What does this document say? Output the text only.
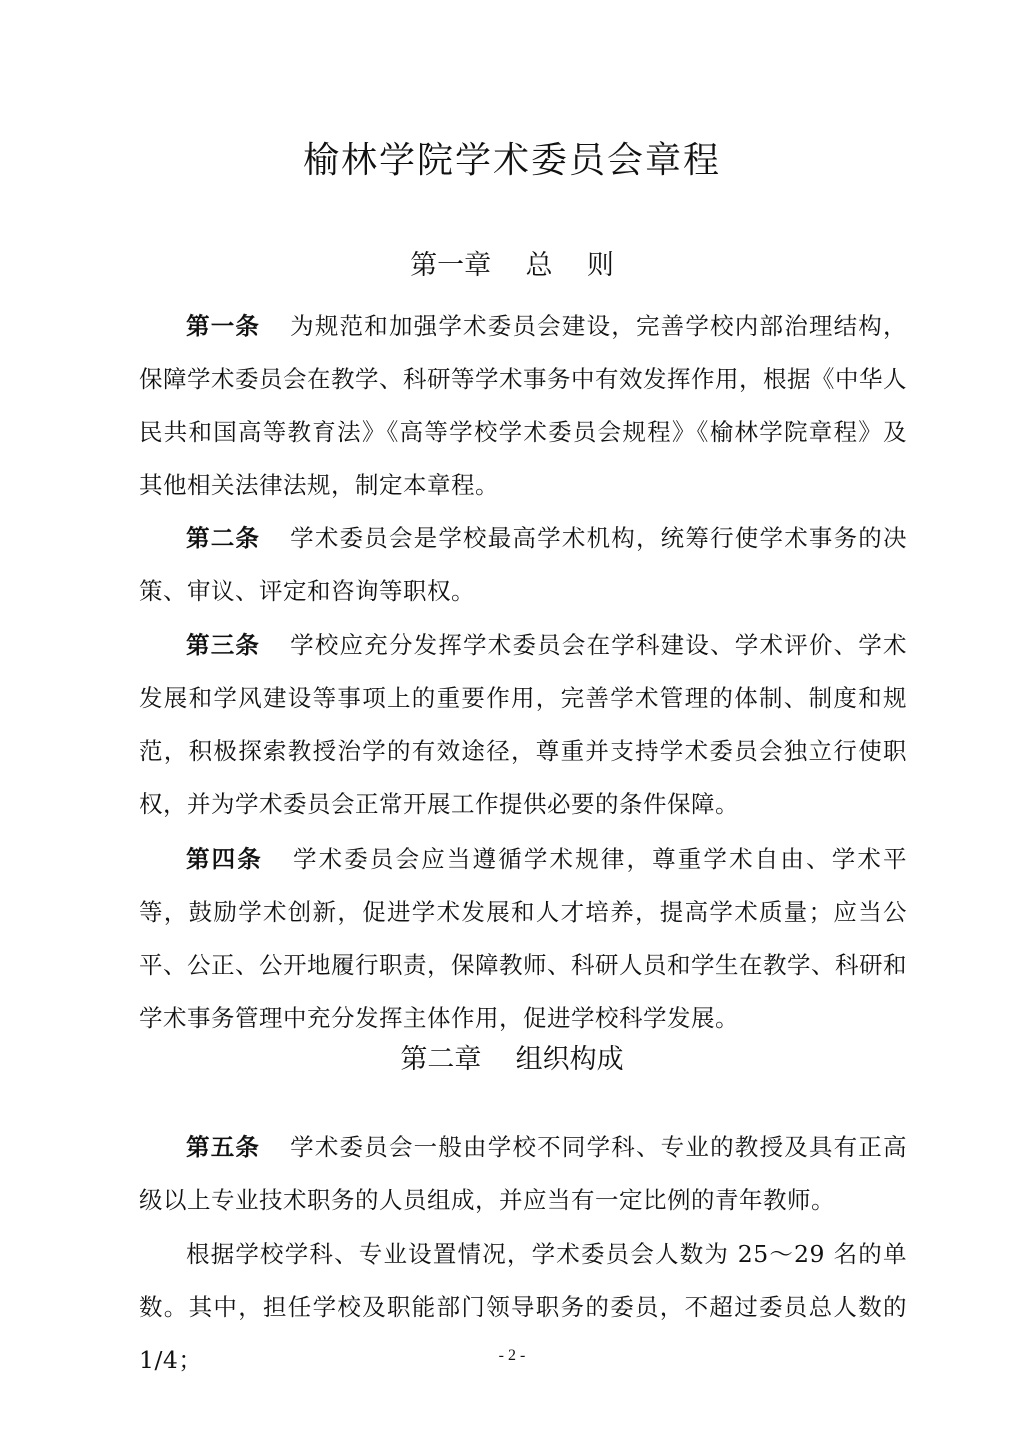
榆林学院学术委员会章程
第一章    总    则

第一条 为规范和加强学术委员会建设，完善学校内部治理结构，保障学术委员会在教学、科研等学术事务中有效发挥作用，根据《中华人民共和国高等教育法》《高等学校学术委员会规程》《榆林学院章程》及其他相关法律法规，制定本章程。

第二条 学术委员会是学校最高学术机构，统筹行使学术事务的决策、审议、评定和咨询等职权。

第三条 学校应充分发挥学术委员会在学科建设、学术评价、学术发展和学风建设等事项上的重要作用，完善学术管理的体制、制度和规范，积极探索教授治学的有效途径，尊重并支持学术委员会独立行使职权，并为学术委员会正常开展工作提供必要的条件保障。

第四条 学术委员会应当遵循学术规律，尊重学术自由、学术平等，鼓励学术创新，促进学术发展和人才培养，提高学术质量；应当公平、公正、公开地履行职责，保障教师、科研人员和学生在教学、科研和学术事务管理中充分发挥主体作用，促进学校科学发展。

第二章    组织构成

第五条 学术委员会一般由学校不同学科、专业的教授及具有正高级以上专业技术职务的人员组成，并应当有一定比例的青年教师。

根据学校学科、专业设置情况，学术委员会人数为 25～29 名的单数。其中，担任学校及职能部门领导职务的委员，不超过委员总人数的 1/4；	- 2 -
